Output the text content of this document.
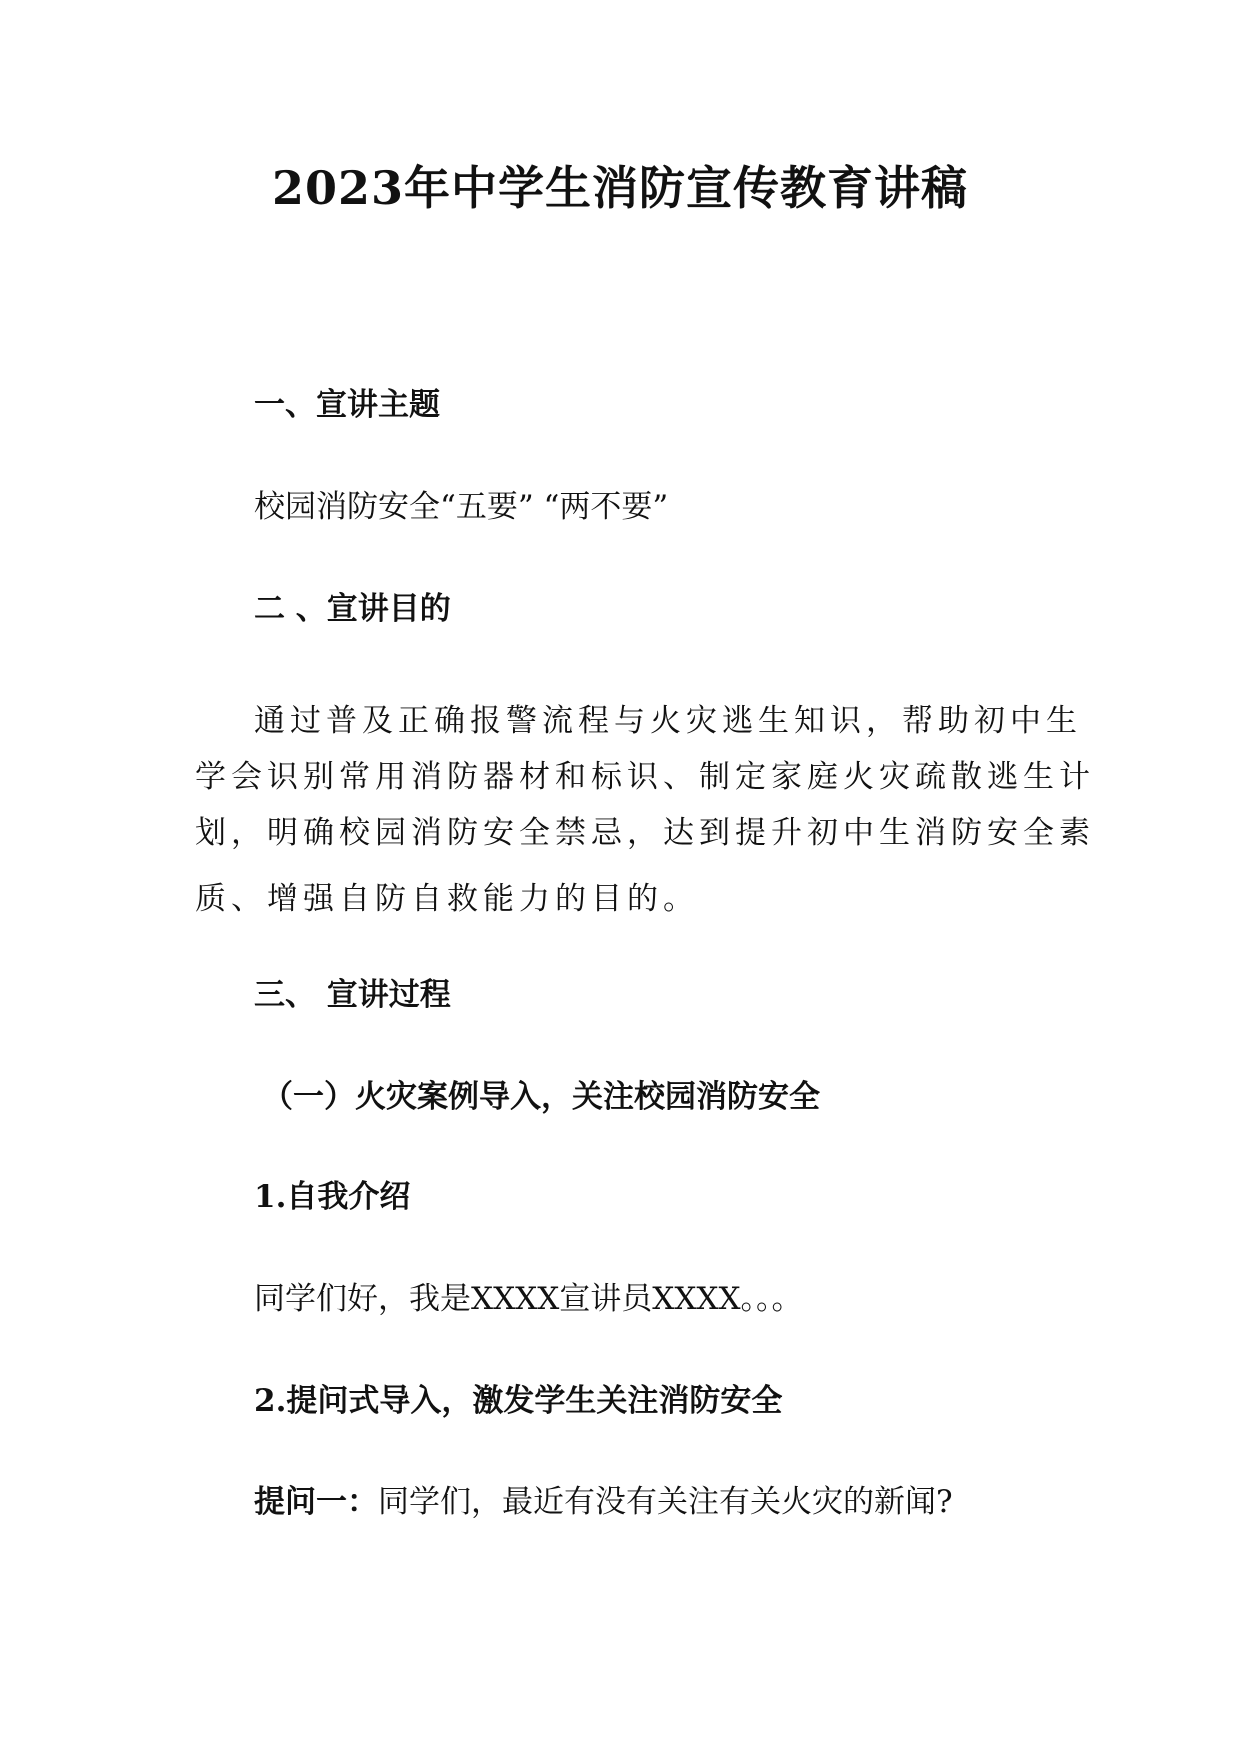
2023年中学生消防宣传教育讲稿
一、宣讲主题
校园消防安全“五要” “两不要”
二 、宣讲目的
通过普及正确报警流程与火灾逃生知识，帮助初中生
学会识别常用消防器材和标识、制定家庭火灾疏散逃生计
划，明确校园消防安全禁忌，达到提升初中生消防安全素
质、增强自防自救能力的目的。
三、 宣讲过程
（一）火灾案例导入，关注校园消防安全
1.自我介绍
同学们好，我是XXXX宣讲员XXXX。。。
2.提问式导入，激发学生关注消防安全
提问一：同学们，最近有没有关注有关火灾的新闻?
